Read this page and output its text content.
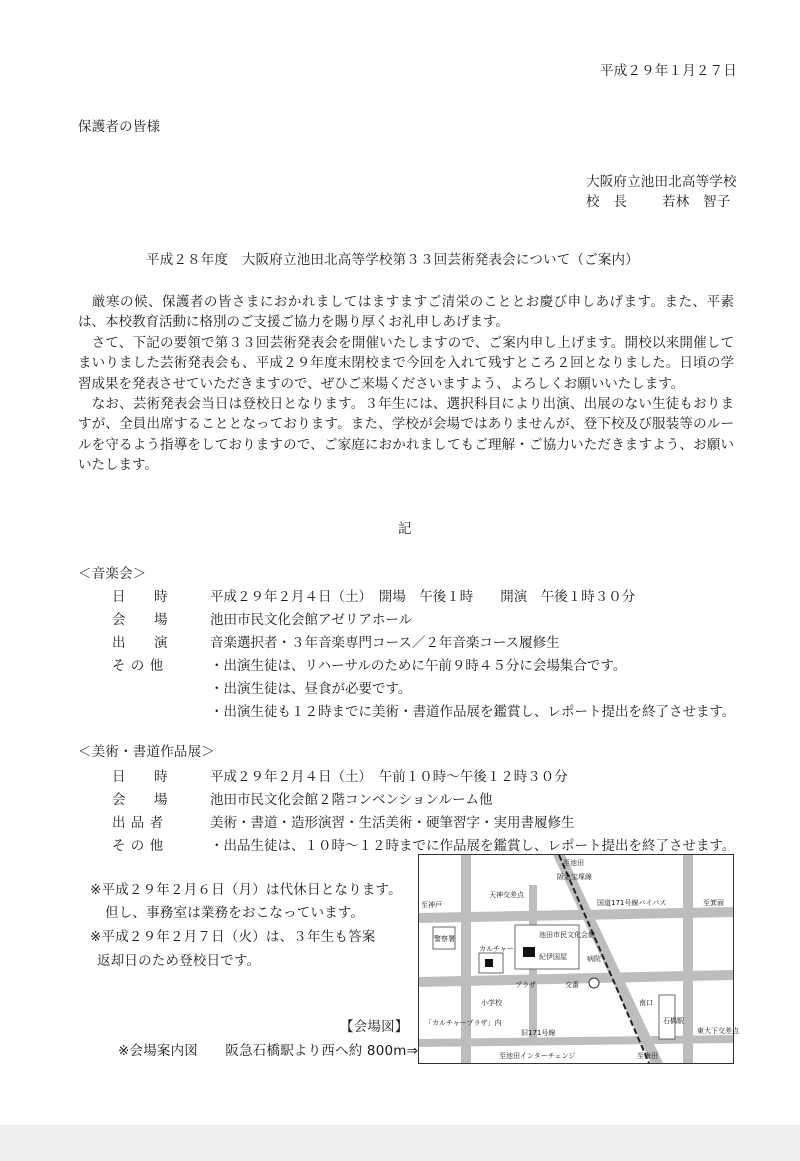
平成２９年１月２７日
保護者の皆様
大阪府立池田北高等学校
校　長	若林　智子
平成２８年度　大阪府立池田北高等学校第３３回芸術発表会について（ご案内）

　厳寒の候、保護者の皆さまにおかれましてはますますご清栄のこととお慶び申しあげます。また、平素は、本校教育活動に格別のご支援ご協力を賜り厚くお礼申しあげます。

　さて、下記の要領で第３３回芸術発表会を開催いたしますので、ご案内申し上げます。開校以来開催してまいりました芸術発表会も、平成２９年度末閉校まで今回を入れて残すところ２回となりました。日頃の学習成果を発表させていただきますので、ぜひご来場くださいますよう、よろしくお願いいたします。

　なお、芸術発表会当日は登校日となります。３年生には、選択科目により出演、出展のない生徒もおりますが、全員出席することとなっております。また、学校が会場ではありませんが、登下校及び服装等のルールを守るよう指導をしておりますので、ご家庭におかれましてもご理解・ご協力いただきますよう、お願いいたします。

記
＜音楽会＞
日　　時	平成２９年２月４日（土）　開場　午後１時　　開演　午後１時３０分
会　　場	池田市民文化会館アゼリアホール
出　　演	音楽選択者・３年音楽専門コース／２年音楽コース履修生
そ の 他	・出演生徒は、リハーサルのために午前９時４５分に会場集合です。
・出演生徒は、昼食が必要です。
・出演生徒も１２時までに美術・書道作品展を鑑賞し、レポート提出を終了させます。
＜美術・書道作品展＞
日　　時	平成２９年２月４日（土）　午前１０時～午後１２時３０分
会　　場	池田市民文化会館２階コンベンションルーム他
出 品 者	美術・書道・造形演習・生活美術・硬筆習字・実用書履修生
そ の 他	・出品生徒は、１０時～１２時までに作品展を鑑賞し、レポート提出を終了させます。
※平成２９年２月６日（月）は代休日となります。
但し、事務室は業務をおこなっています。
※平成２９年２月７日（火）は、３年生も答案
返却日のため登校日です。
【会場図】
※会場案内図　　阪急石橋駅より西へ約 800m⇒
至池田
阪急宝塚線
天神交差点
至神戸	国道171号線バイパス	至箕面
警察署	池田市民文化会館
紀伊国屋	病院
カルチャー
プラザ	交番
小学校	南口
石橋駅
「カルチャープラザ」内
旧171号線	東大下交差点
至池田インターチェンジ	至梅田
